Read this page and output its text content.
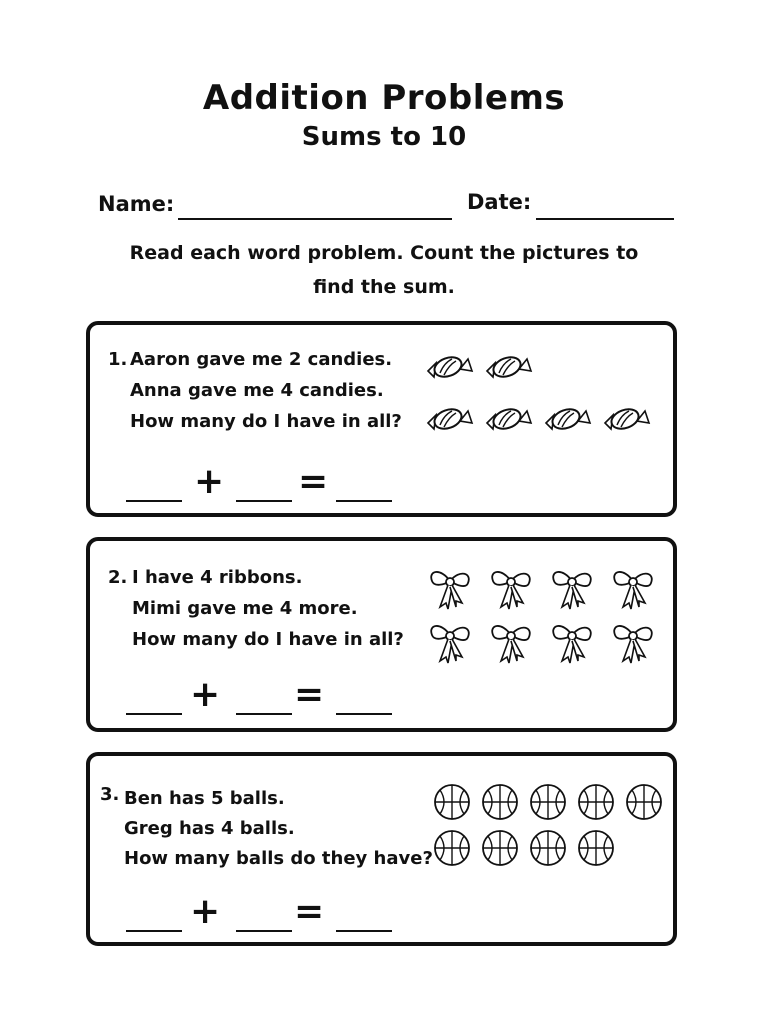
Addition Problems
Sums to 10
Name:	Date:
Read each word problem. Count the pictures to
find the sum.
1. Aaron gave me 2 candies.
Anna gave me 4 candies.
How many do I have in all?
+ =
2. I have 4 ribbons.
Mimi gave me 4 more.
How many do I have in all?
+ =
3. Ben has 5 balls.
Greg has 4 balls.
How many balls do they have?
+ =
